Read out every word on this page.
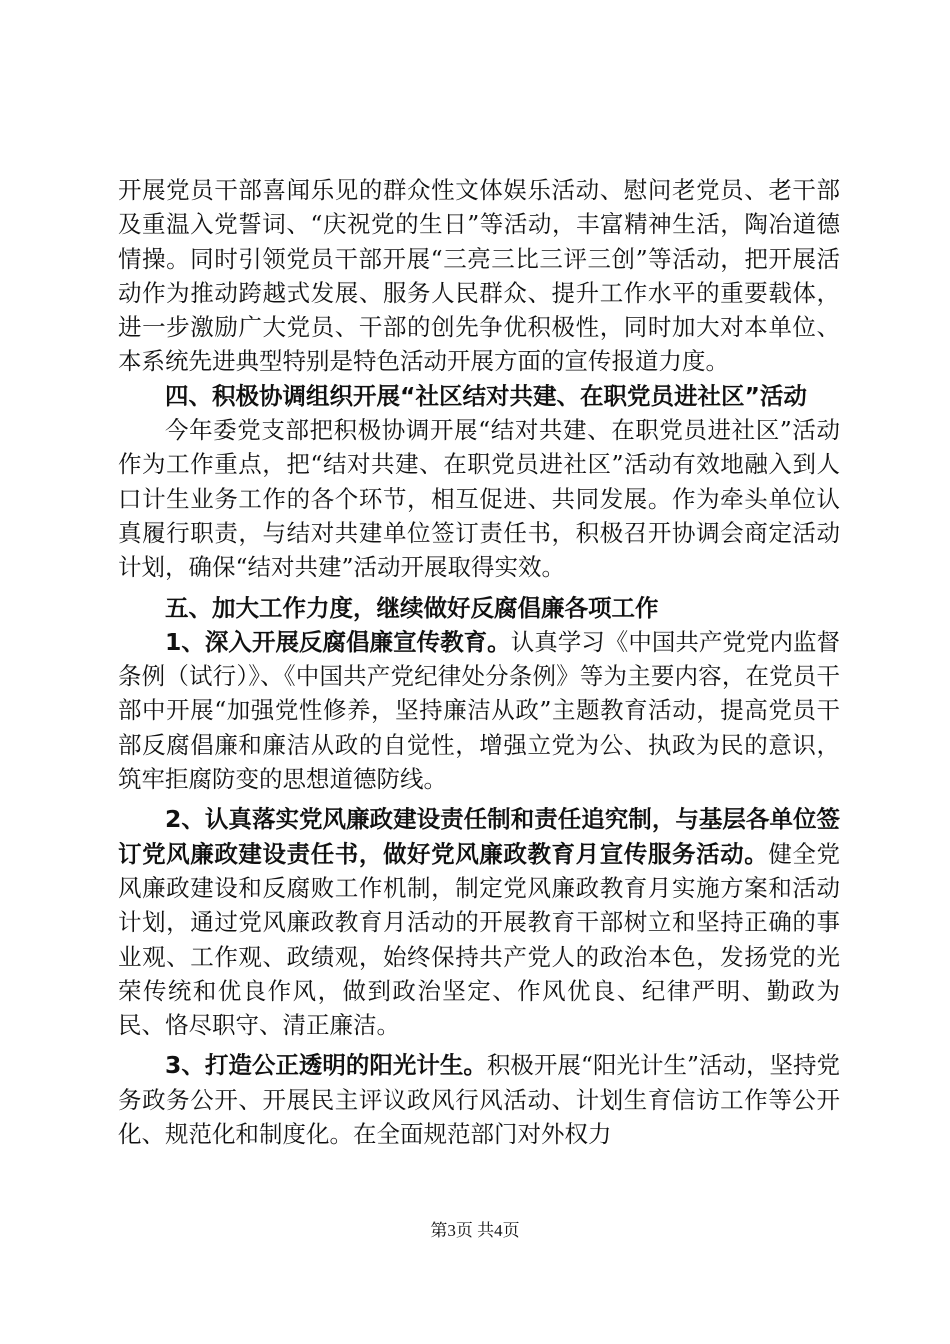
开展党员干部喜闻乐见的群众性文体娱乐活动、慰问老党员、老干部及重温入党誓词、“庆祝党的生日”等活动，丰富精神生活，陶冶道德情操。同时引领党员干部开展“三亮三比三评三创”等活动，把开展活动作为推动跨越式发展、服务人民群众、提升工作水平的重要载体，进一步激励广大党员、干部的创先争优积极性，同时加大对本单位、本系统先进典型特别是特色活动开展方面的宣传报道力度。

四、积极协调组织开展“社区结对共建、在职党员进社区”活动

今年委党支部把积极协调开展“结对共建、在职党员进社区”活动作为工作重点，把“结对共建、在职党员进社区”活动有效地融入到人口计生业务工作的各个环节，相互促进、共同发展。作为牵头单位认真履行职责，与结对共建单位签订责任书，积极召开协调会商定活动计划，确保“结对共建”活动开展取得实效。

五、加大工作力度，继续做好反腐倡廉各项工作

1、深入开展反腐倡廉宣传教育。认真学习《中国共产党党内监督条例（试行）》、《中国共产党纪律处分条例》等为主要内容，在党员干部中开展“加强党性修养，坚持廉洁从政”主题教育活动，提高党员干部反腐倡廉和廉洁从政的自觉性，增强立党为公、执政为民的意识，筑牢拒腐防变的思想道德防线。

2、认真落实党风廉政建设责任制和责任追究制，与基层各单位签订党风廉政建设责任书，做好党风廉政教育月宣传服务活动。健全党风廉政建设和反腐败工作机制，制定党风廉政教育月实施方案和活动计划，通过党风廉政教育月活动的开展教育干部树立和坚持正确的事业观、工作观、政绩观，始终保持共产党人的政治本色，发扬党的光荣传统和优良作风，做到政治坚定、作风优良、纪律严明、勤政为民、恪尽职守、清正廉洁。

3、打造公正透明的阳光计生。积极开展“阳光计生”活动，坚持党务政务公开、开展民主评议政风行风活动、计划生育信访工作等公开化、规范化和制度化。在全面规范部门对外权力

第3页 共4页
